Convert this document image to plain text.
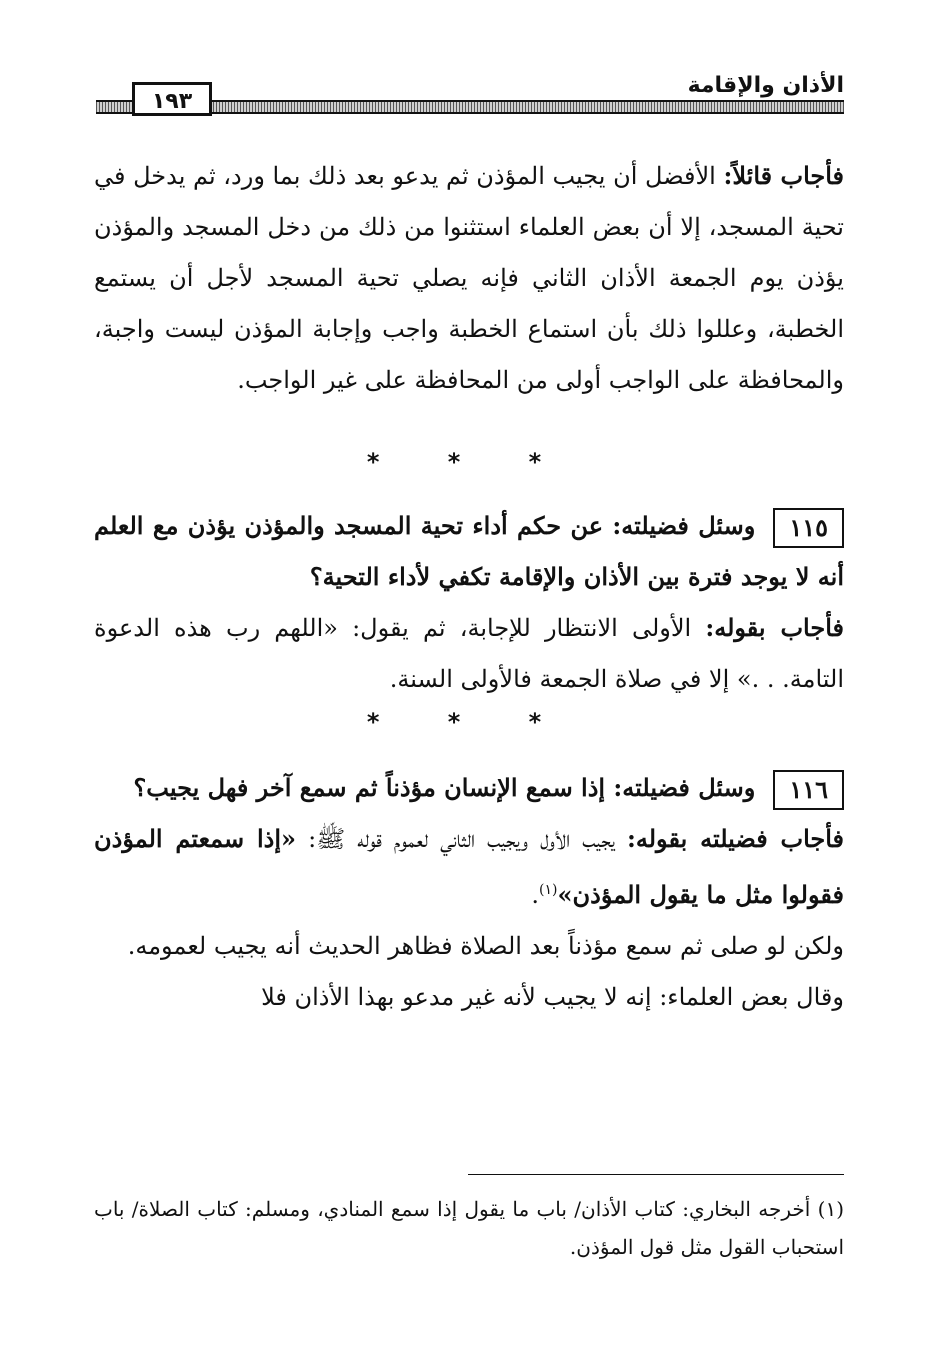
الأذان والإقامة
١٩٣

فأجاب قائلاً: الأفضل أن يجيب المؤذن ثم يدعو بعد ذلك بما ورد، ثم يدخل في تحية المسجد، إلا أن بعض العلماء استثنوا من ذلك من دخل المسجد والمؤذن يؤذن يوم الجمعة الأذان الثاني فإنه يصلي تحية المسجد لأجل أن يستمع الخطبة، وعللوا ذلك بأن استماع الخطبة واجب وإجابة المؤذن ليست واجبة، والمحافظة على الواجب أولى من المحافظة على غير الواجب.

* * *

١١٥وسئل فضيلته: عن حكم أداء تحية المسجد والمؤذن يؤذن مع العلم أنه لا يوجد فترة بين الأذان والإقامة تكفي لأداء التحية؟

فأجاب بقوله: الأولى الانتظار للإجابة، ثم يقول: «اللهم رب هذه الدعوة التامة. . .» إلا في صلاة الجمعة فالأولى السنة.

* * *

١١٦وسئل فضيلته: إذا سمع الإنسان مؤذناً ثم سمع آخر فهل يجيب؟

فأجاب فضيلته بقوله: يجيب الأول ويجيب الثاني لعموم قوله ﷺ: «إذا سمعتم المؤذن فقولوا مثل ما يقول المؤذن»$^{(١)}$.

ولكن لو صلى ثم سمع مؤذناً بعد الصلاة فظاهر الحديث أنه يجيب لعمومه.

وقال بعض العلماء: إنه لا يجيب لأنه غير مدعو بهذا الأذان فلا

(١) أخرجه البخاري: كتاب الأذان/ باب ما يقول إذا سمع المنادي، ومسلم: كتاب الصلاة/ باب استحباب القول مثل قول المؤذن.
